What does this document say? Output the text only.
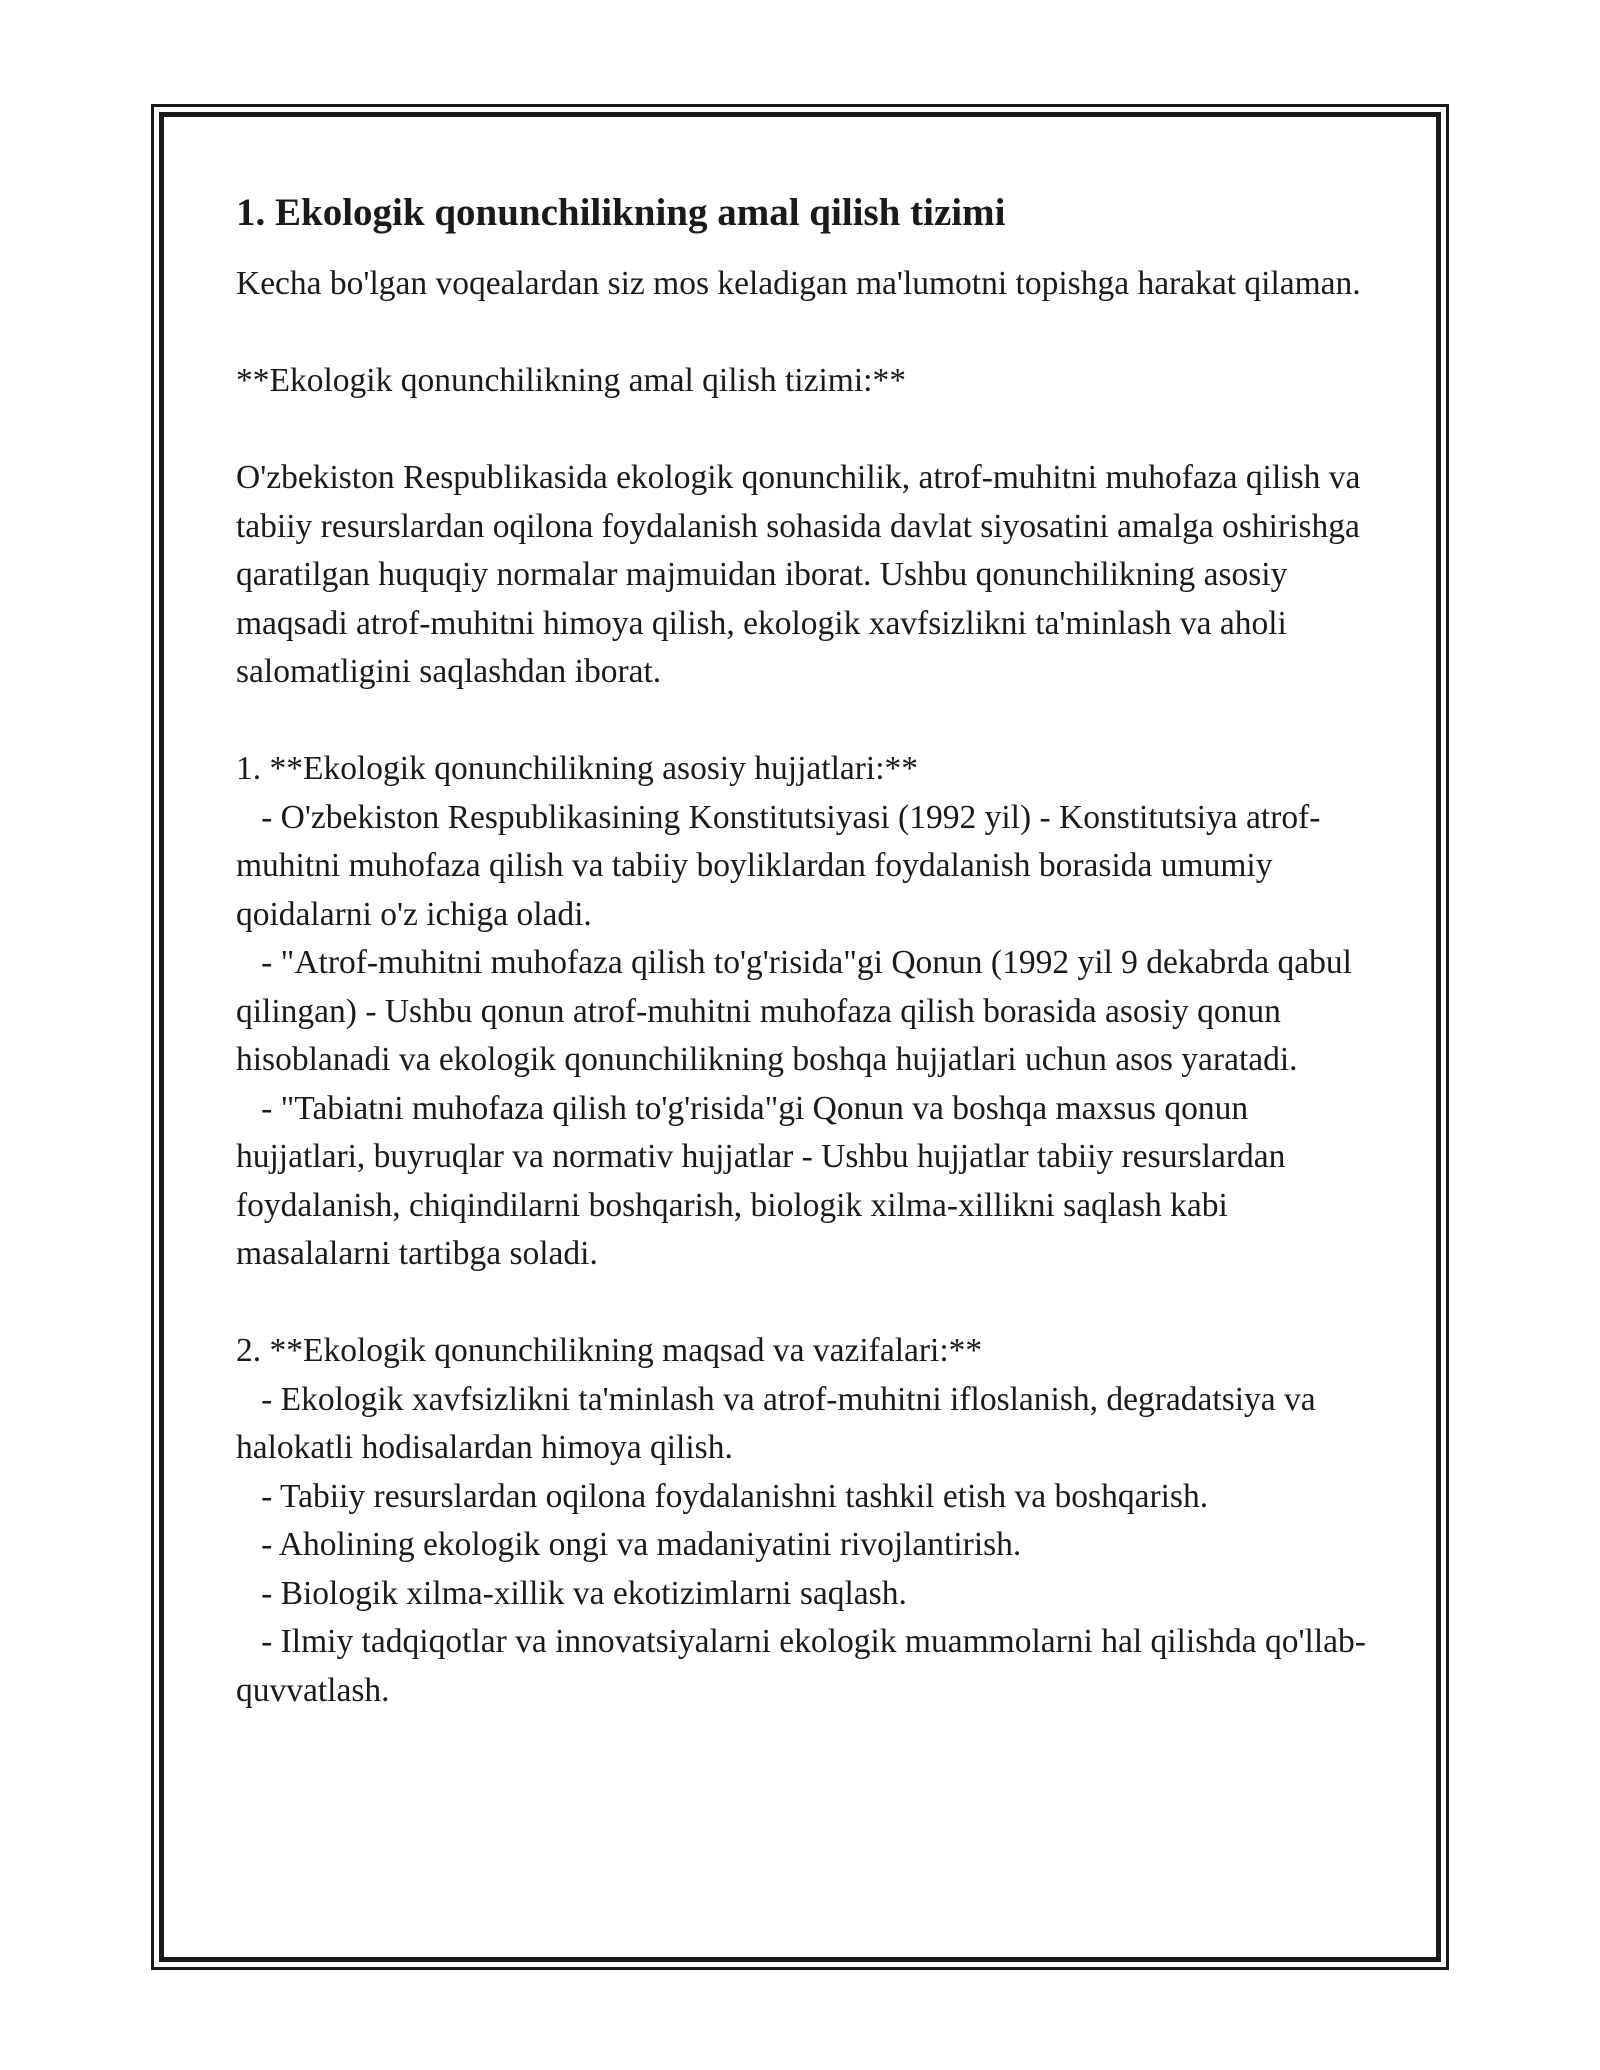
1. Ekologik qonunchilikning amal qilish tizimi

Kecha bo'lgan voqealardan siz mos keladigan ma'lumotni topishga harakat qilaman.

**Ekologik qonunchilikning amal qilish tizimi:**

O'zbekiston Respublikasida ekologik qonunchilik, atrof-muhitni muhofaza qilish va tabiiy resurslardan oqilona foydalanish sohasida davlat siyosatini amalga oshirishga qaratilgan huquqiy normalar majmuidan iborat. Ushbu qonunchilikning asosiy maqsadi atrof-muhitni himoya qilish, ekologik xavfsizlikni ta'minlash va aholi salomatligini saqlashdan iborat.

1. **Ekologik qonunchilikning asosiy hujjatlari:**

- O'zbekiston Respublikasining Konstitutsiyasi (1992 yil) - Konstitutsiya atrof-muhitni muhofaza qilish va tabiiy boyliklardan foydalanish borasida umumiy qoidalarni o'z ichiga oladi.

- "Atrof-muhitni muhofaza qilish to'g'risida"gi Qonun (1992 yil 9 dekabrda qabul qilingan) - Ushbu qonun atrof-muhitni muhofaza qilish borasida asosiy qonun hisoblanadi va ekologik qonunchilikning boshqa hujjatlari uchun asos yaratadi.

- "Tabiatni muhofaza qilish to'g'risida"gi Qonun va boshqa maxsus qonun hujjatlari, buyruqlar va normativ hujjatlar - Ushbu hujjatlar tabiiy resurslardan foydalanish, chiqindilarni boshqarish, biologik xilma-xillikni saqlash kabi masalalarni tartibga soladi.

2. **Ekologik qonunchilikning maqsad va vazifalari:**

- Ekologik xavfsizlikni ta'minlash va atrof-muhitni ifloslanish, degradatsiya va halokatli hodisalardan himoya qilish.

- Tabiiy resurslardan oqilona foydalanishni tashkil etish va boshqarish.

- Aholining ekologik ongi va madaniyatini rivojlantirish.

- Biologik xilma-xillik va ekotizimlarni saqlash.

- Ilmiy tadqiqotlar va innovatsiyalarni ekologik muammolarni hal qilishda qo'llab-quvvatlash.
